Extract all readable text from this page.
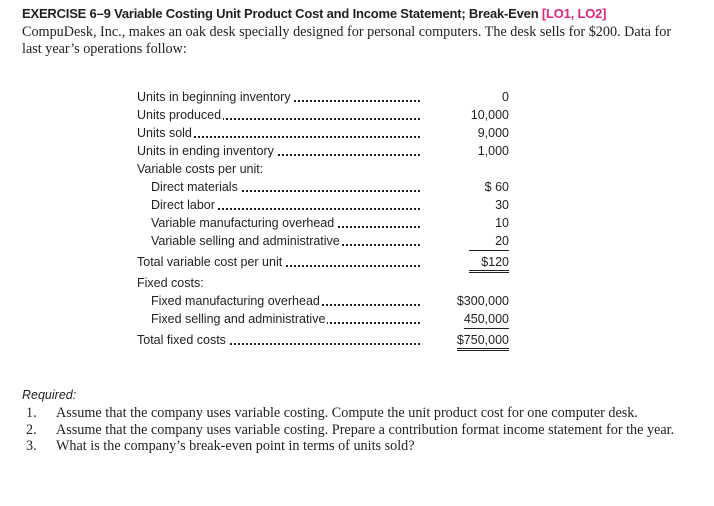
EXERCISE 6–9 Variable Costing Unit Product Cost and Income Statement; Break-Even [LO1, LO2]
CompuDesk, Inc., makes an oak desk specially designed for personal computers. The desk sells for $200. Data for last year’s operations follow:
Units in beginning inventory	0
Units produced	10,000
Units sold	9,000
Units in ending inventory	1,000
Variable costs per unit:
Direct materials	$ 60
Direct labor	30
Variable manufacturing overhead	10
Variable selling and administrative	20
Total variable cost per unit	$120
Fixed costs:
Fixed manufacturing overhead	$300,000
Fixed selling and administrative	450,000
Total fixed costs	$750,000
Required:
1. Assume that the company uses variable costing. Compute the unit product cost for one computer desk.
2. Assume that the company uses variable costing. Prepare a contribution format income statement for the year.
3. What is the company’s break-even point in terms of units sold?
